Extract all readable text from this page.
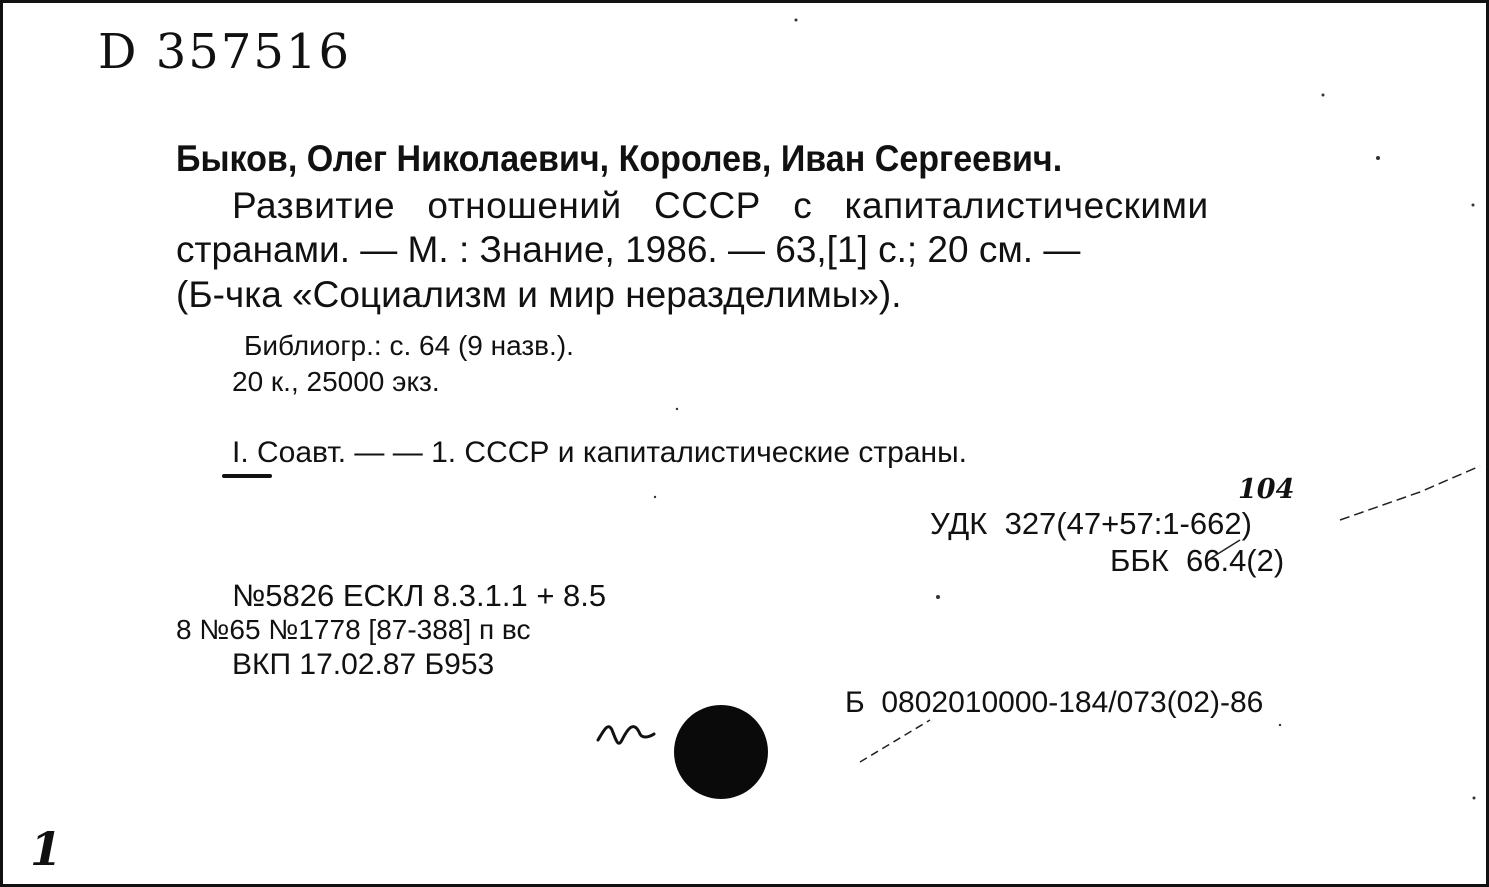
D 357516
Быков, Олег Николаевич, Королев, Иван Сергеевич.
Развитие   отношений   СССР   с   капиталистическими
странами. — М. : Знание, 1986. — 63,[1] с.; 20 см. —
(Б-чка «Социализм и мир неразделимы»).
Библиогр.: с. 64 (9 назв.).
20 к., 25000 экз.
I. Соавт. — — 1. СССР и капиталистические страны.
104
УДК  327(47+57:1-662)
ББК  66.4(2)
№5826 ЕСКЛ 8.3.1.1 + 8.5
8 №65 №1778 [87-388] п вс
ВКП 17.02.87 Б953
Б  0802010000-184/073(02)-86
1
